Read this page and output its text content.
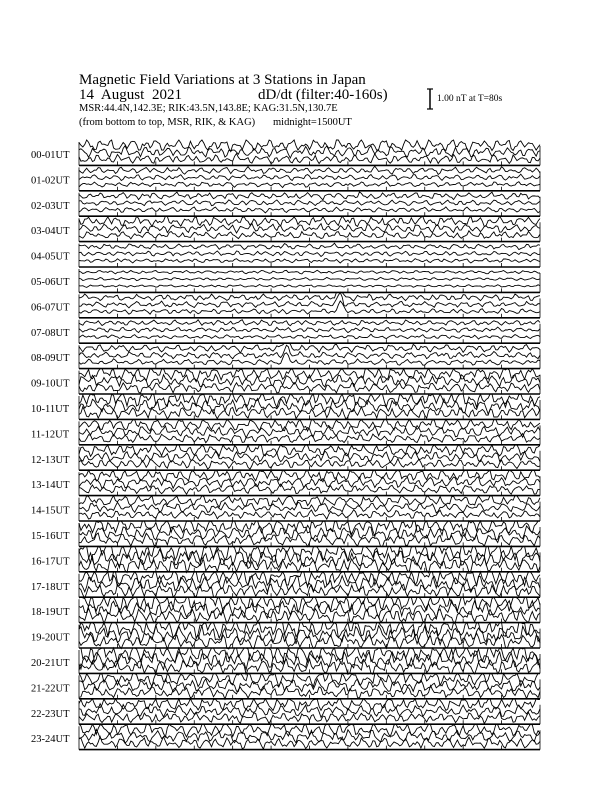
Magnetic Field Variations at 3 Stations in Japan
14 August 2021	dD/dt (filter:40-160s)
MSR:44.4N,142.3E; RIK:43.5N,143.8E; KAG:31.5N,130.7E
(from bottom to top, MSR, RIK, & KAG) midnight=1500UT
1.00 nT at T=80s
00-01UT
01-02UT
02-03UT
03-04UT
04-05UT
05-06UT
06-07UT
07-08UT
08-09UT
09-10UT
10-11UT
11-12UT
12-13UT
13-14UT
14-15UT
15-16UT
16-17UT
17-18UT
18-19UT
19-20UT
20-21UT
21-22UT
22-23UT
23-24UT
